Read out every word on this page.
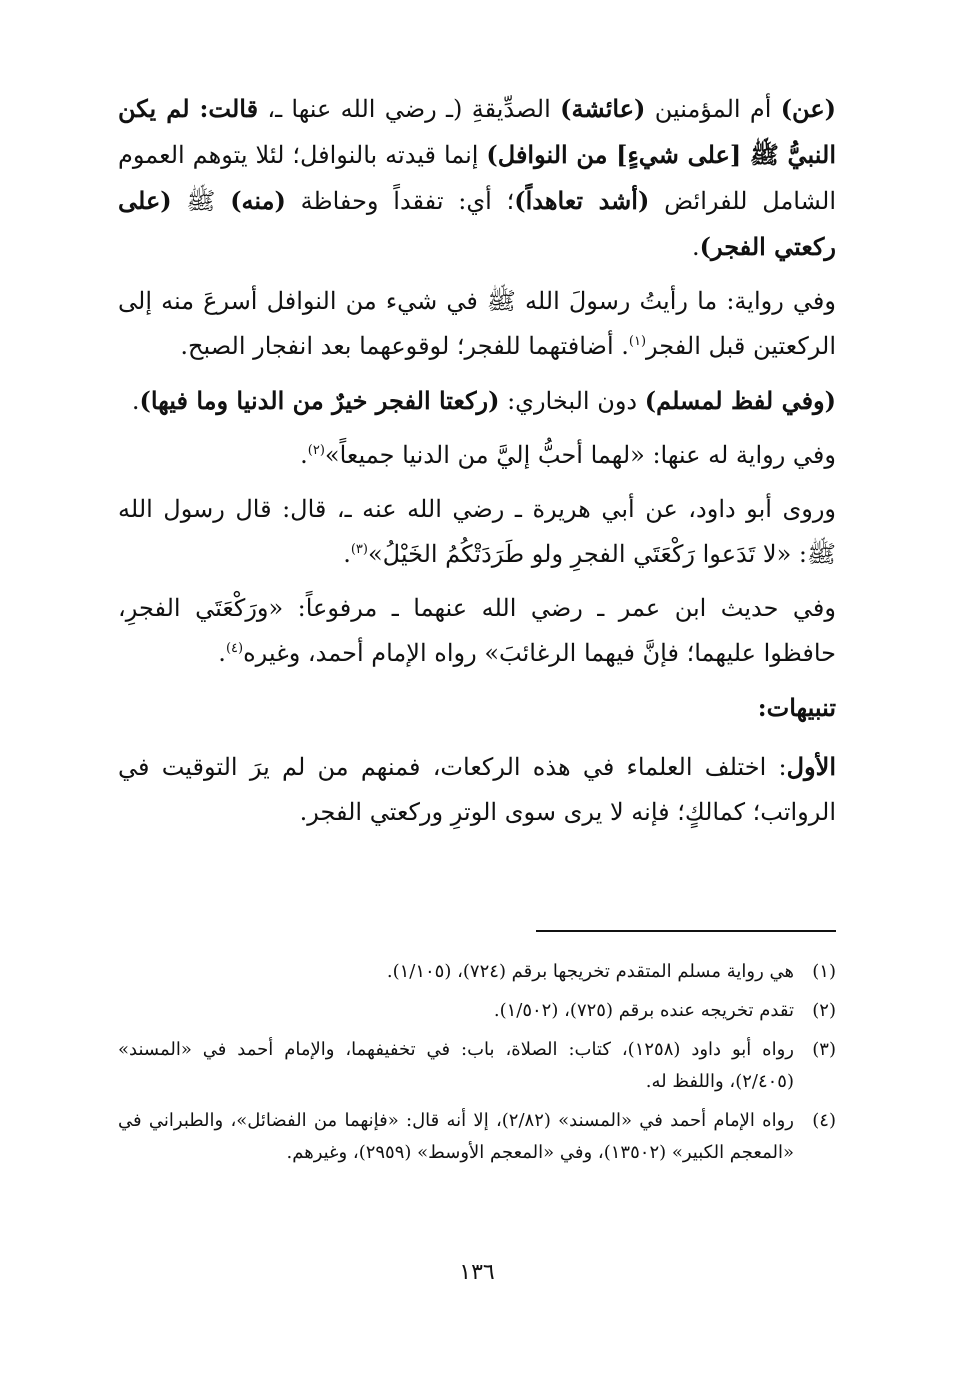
(عن) أم المؤمنين (عائشة) الصدِّيقةِ (ـ رضي الله عنها ـ، قالت: لم يكن النبيُّ ﷺ [على شيءٍ] من النوافل) إنما قيدته بالنوافل؛ لئلا يتوهم العموم الشامل للفرائض (أشد تعاهداً)؛ أي: تفقداً وحفاظة (منه) ﷺ (على ركعتي الفجر).

وفي رواية: ما رأيتُ رسولَ الله ﷺ في شيء من النوافل أسرعَ منه إلى الركعتين قبل الفجر$^{(١)}$. أضافتهما للفجر؛ لوقوعهما بعد انفجار الصبح.

(وفي لفظ لمسلم) دون البخاري: (ركعتا الفجر خيرٌ من الدنيا وما فيها).

وفي رواية له عنها: «لهما أحبُّ إليَّ من الدنيا جميعاً»$^{(٢)}$.

وروى أبو داود، عن أبي هريرة ـ رضي الله عنه ـ، قال: قال رسول الله ﷺ: «لا تَدَعوا رَكْعَتَي الفجرِ ولو طَرَدَتْكُمُ الخَيْلُ»$^{(٣)}$.

وفي حديث ابن عمر ـ رضي الله عنهما ـ مرفوعاً: «ورَكْعَتَي الفجرِ، حافظوا عليهما؛ فإنَّ فيهما الرغائبَ» رواه الإمام أحمد، وغيره$^{(٤)}$.

تنبيهات:

الأول: اختلف العلماء في هذه الركعات، فمنهم من لم يرَ التوقيت في الرواتب؛ كمالكٍ؛ فإنه لا يرى سوى الوترِ وركعتي الفجر.

(١)
هي رواية مسلم المتقدم تخريجها برقم (٧٢٤)، (١/١٠٥).
(٢)
تقدم تخريجه عنده برقم (٧٢٥)، (١/٥٠٢).
(٣)
رواه أبو داود (١٢٥٨)، كتاب: الصلاة، باب: في تخفيفهما، والإمام أحمد في «المسند» (٢/٤٠٥)، واللفظ له.
(٤)
رواه الإمام أحمد في «المسند» (٢/٨٢)، إلا أنه قال: «فإنهما من الفضائل»، والطبراني في «المعجم الكبير» (١٣٥٠٢)، وفي «المعجم الأوسط» (٢٩٥٩)، وغيرهم.
١٣٦
